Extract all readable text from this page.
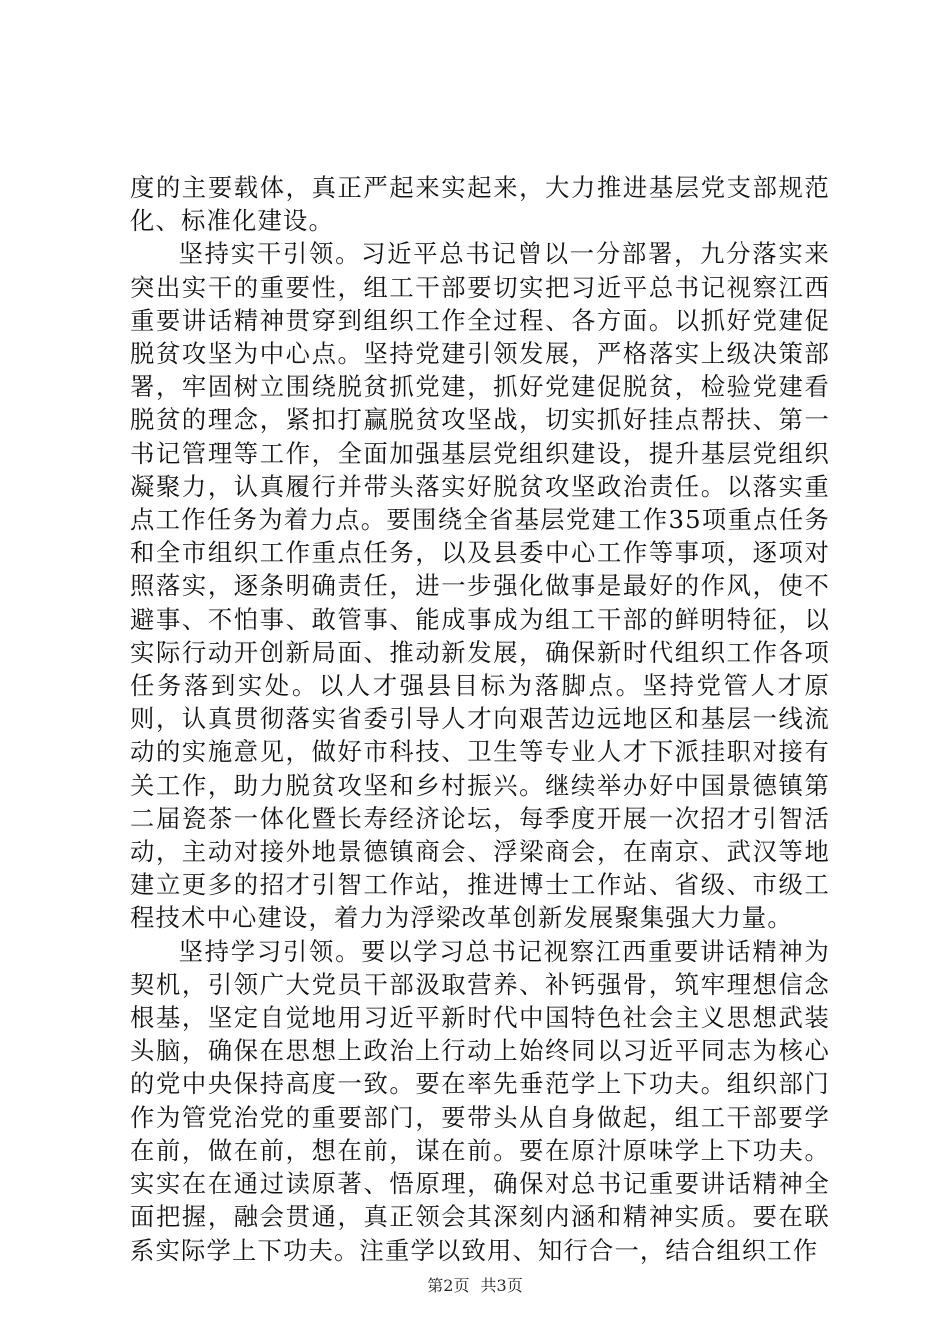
度的主要载体，真正严起来实起来，大力推进基层党支部规范化、标准化建设。

坚持实干引领。习近平总书记曾以一分部署，九分落实来突出实干的重要性，组工干部要切实把习近平总书记视察江西重要讲话精神贯穿到组织工作全过程、各方面。以抓好党建促脱贫攻坚为中心点。坚持党建引领发展，严格落实上级决策部署，牢固树立围绕脱贫抓党建，抓好党建促脱贫，检验党建看脱贫的理念，紧扣打赢脱贫攻坚战，切实抓好挂点帮扶、第一书记管理等工作，全面加强基层党组织建设，提升基层党组织凝聚力，认真履行并带头落实好脱贫攻坚政治责任。以落实重点工作任务为着力点。要围绕全省基层党建工作35项重点任务和全市组织工作重点任务，以及县委中心工作等事项，逐项对照落实，逐条明确责任，进一步强化做事是最好的作风，使不避事、不怕事、敢管事、能成事成为组工干部的鲜明特征，以实际行动开创新局面、推动新发展，确保新时代组织工作各项任务落到实处。以人才强县目标为落脚点。坚持党管人才原则，认真贯彻落实省委引导人才向艰苦边远地区和基层一线流动的实施意见，做好市科技、卫生等专业人才下派挂职对接有关工作，助力脱贫攻坚和乡村振兴。继续举办好中国景德镇第二届瓷茶一体化暨长寿经济论坛，每季度开展一次招才引智活动，主动对接外地景德镇商会、浮梁商会，在南京、武汉等地建立更多的招才引智工作站，推进博士工作站、省级、市级工程技术中心建设，着力为浮梁改革创新发展聚集强大力量。

坚持学习引领。要以学习总书记视察江西重要讲话精神为契机，引领广大党员干部汲取营养、补钙强骨，筑牢理想信念根基，坚定自觉地用习近平新时代中国特色社会主义思想武装头脑，确保在思想上政治上行动上始终同以习近平同志为核心的党中央保持高度一致。要在率先垂范学上下功夫。组织部门作为管党治党的重要部门，要带头从自身做起，组工干部要学在前，做在前，想在前，谋在前。要在原汁原味学上下功夫。实实在在通过读原著、悟原理，确保对总书记重要讲话精神全面把握，融会贯通，真正领会其深刻内涵和精神实质。要在联系实际学上下功夫。注重学以致用、知行合一，结合组织工作

第2页 共3页
